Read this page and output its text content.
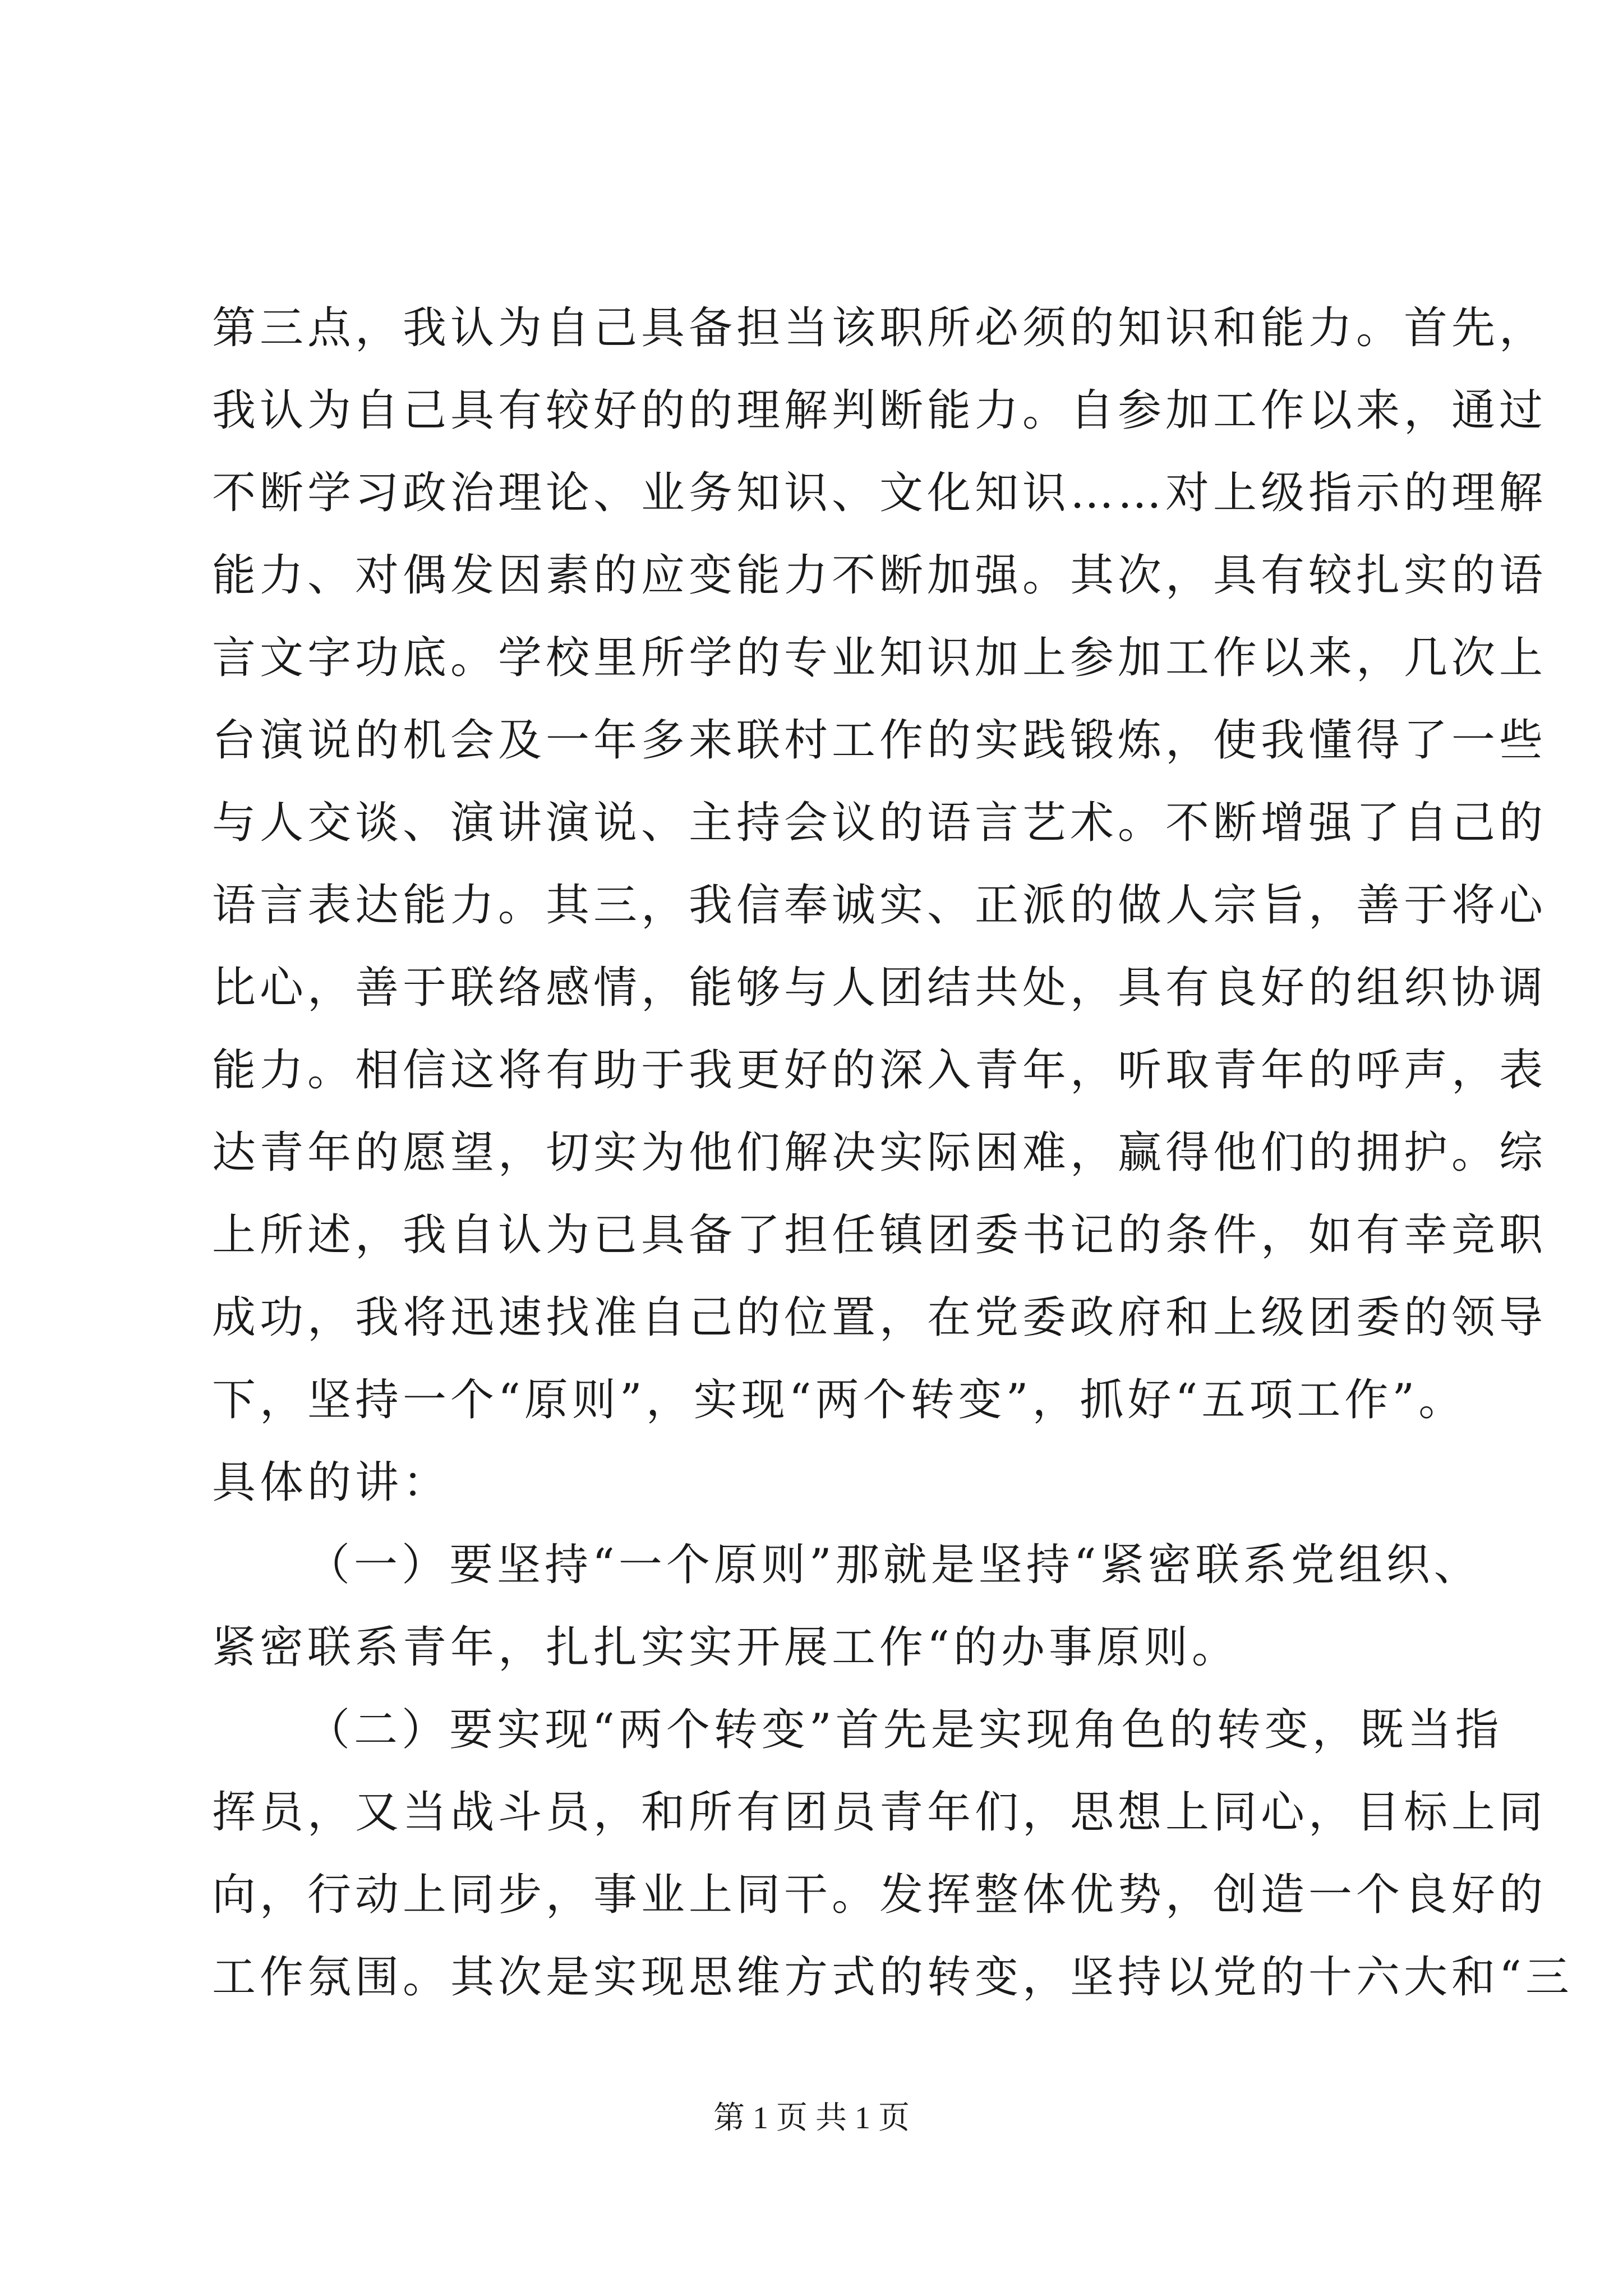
第三点，我认为自己具备担当该职所必须的知识和能力。首先，
我认为自己具有较好的的理解判断能力。自参加工作以来，通过
不断学习政治理论、业务知识、文化知识……对上级指示的理解
能力、对偶发因素的应变能力不断加强。其次，具有较扎实的语
言文字功底。学校里所学的专业知识加上参加工作以来，几次上
台演说的机会及一年多来联村工作的实践锻炼，使我懂得了一些
与人交谈、演讲演说、主持会议的语言艺术。不断增强了自己的
语言表达能力。其三，我信奉诚实、正派的做人宗旨，善于将心
比心，善于联络感情，能够与人团结共处，具有良好的组织协调
能力。相信这将有助于我更好的深入青年，听取青年的呼声，表
达青年的愿望，切实为他们解决实际困难，赢得他们的拥护。综
上所述，我自认为已具备了担任镇团委书记的条件，如有幸竞职
成功，我将迅速找准自己的位置，在党委政府和上级团委的领导
下，坚持一个“原则”，实现“两个转变”，抓好“五项工作”。
具体的讲：
（一）要坚持“一个原则”那就是坚持“紧密联系党组织、
紧密联系青年，扎扎实实开展工作“的办事原则。
（二）要实现“两个转变”首先是实现角色的转变，既当指
挥员，又当战斗员，和所有团员青年们，思想上同心，目标上同
向，行动上同步，事业上同干。发挥整体优势，创造一个良好的
工作氛围。其次是实现思维方式的转变，坚持以党的十六大和“三
第 1 页 共 1 页
